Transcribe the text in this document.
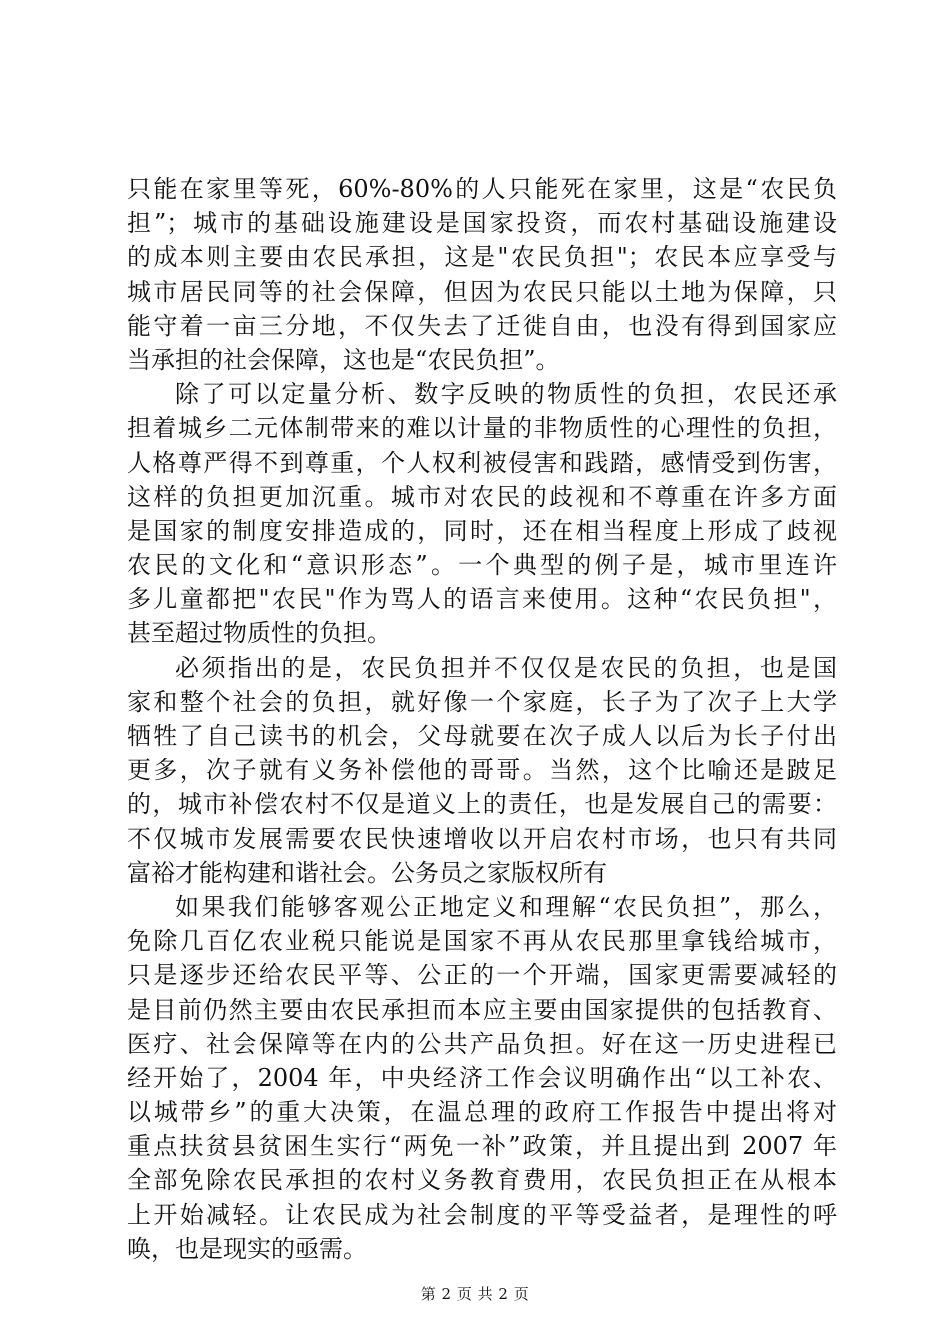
只能在家里等死，60%-80%的人只能死在家里，这是“农民负
担”；城市的基础设施建设是国家投资，而农村基础设施建设
的成本则主要由农民承担，这是"农民负担"；农民本应享受与
城市居民同等的社会保障，但因为农民只能以土地为保障，只
能守着一亩三分地，不仅失去了迁徙自由，也没有得到国家应
当承担的社会保障，这也是“农民负担”。
除了可以定量分析、数字反映的物质性的负担，农民还承
担着城乡二元体制带来的难以计量的非物质性的心理性的负担，
人格尊严得不到尊重，个人权利被侵害和践踏，感情受到伤害，
这样的负担更加沉重。城市对农民的歧视和不尊重在许多方面
是国家的制度安排造成的，同时，还在相当程度上形成了歧视
农民的文化和“意识形态”。一个典型的例子是，城市里连许
多儿童都把"农民"作为骂人的语言来使用。这种“农民负担"，
甚至超过物质性的负担。
必须指出的是，农民负担并不仅仅是农民的负担，也是国
家和整个社会的负担，就好像一个家庭，长子为了次子上大学
牺牲了自己读书的机会，父母就要在次子成人以后为长子付出
更多，次子就有义务补偿他的哥哥。当然，这个比喻还是跛足
的，城市补偿农村不仅是道义上的责任，也是发展自己的需要：
不仅城市发展需要农民快速增收以开启农村市场，也只有共同
富裕才能构建和谐社会。公务员之家版权所有
如果我们能够客观公正地定义和理解“农民负担”，那么，
免除几百亿农业税只能说是国家不再从农民那里拿钱给城市，
只是逐步还给农民平等、公正的一个开端，国家更需要减轻的
是目前仍然主要由农民承担而本应主要由国家提供的包括教育、
医疗、社会保障等在内的公共产品负担。好在这一历史进程已
经开始了，2004 年，中央经济工作会议明确作出“以工补农、
以城带乡”的重大决策，在温总理的政府工作报告中提出将对
重点扶贫县贫困生实行“两免一补”政策，并且提出到 2007 年
全部免除农民承担的农村义务教育费用，农民负担正在从根本
上开始减轻。让农民成为社会制度的平等受益者，是理性的呼
唤，也是现实的亟需。
第 2 页 共 2 页
